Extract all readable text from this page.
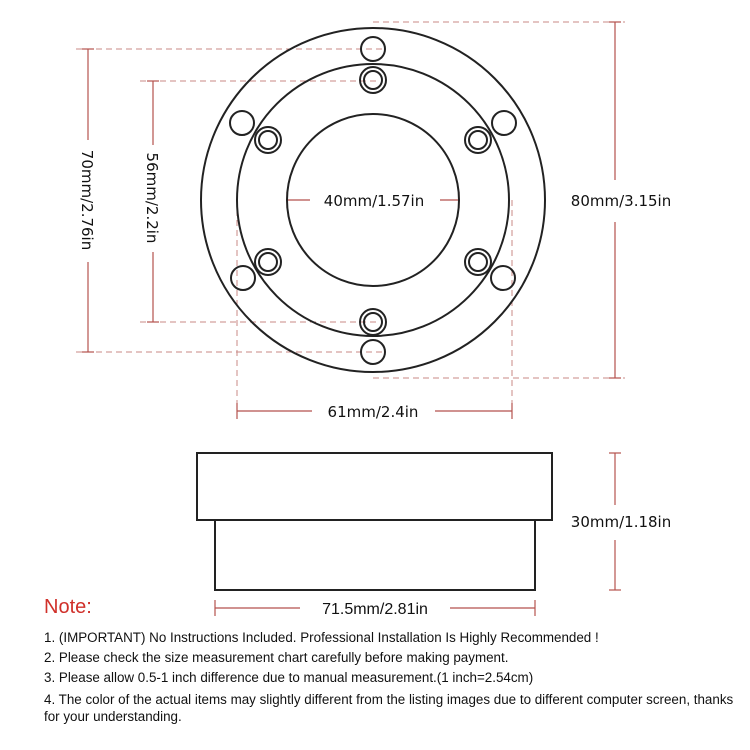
70mm/2.76in	56mm/2.2in	40mm/1.57in	80mm/3.15in
61mm/2.4in
30mm/1.18in
71.5mm/2.81in
Note:
1. (IMPORTANT) No Instructions Included. Professional Installation Is Highly Recommended !
2. Please check the size measurement chart carefully before making payment.
3. Please allow 0.5-1 inch difference due to manual measurement.(1 inch=2.54cm)
4. The color of the actual items may slightly different from the listing images due to different computer screen, thanks for your understanding.
